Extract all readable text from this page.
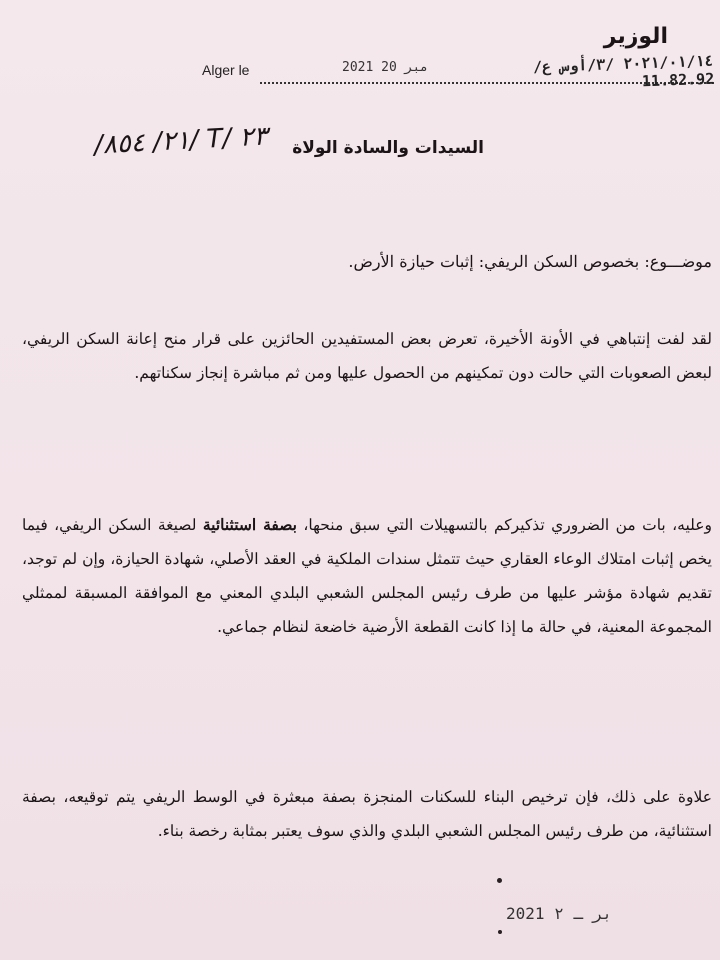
الوزير
Alger le	2021 مبر 20	٢٠٢١/٠١/١٤ /٣/أوس ع/ 11.82.92
/٢١/ ٨٥٤/ T/ ٢٣ السيدات والسادة الولاة
موضـــوع: بخصوص السكن الريفي: إثبات حيازة الأرض.
لقد لفت إنتباهي في الأونة الأخيرة، تعرض بعض المستفيدين الحائزين على قرار منح إعانة السكن الريفي، لبعض الصعوبات التي حالت دون تمكينهم من الحصول عليها ومن ثم مباشرة إنجاز سكناتهم.
وعليه، بات من الضروري تذكيركم بالتسهيلات التي سبق منحها، بصفة استثنائية لصيغة السكن الريفي، فيما يخص إثبات امتلاك الوعاء العقاري حيث تتمثل سندات الملكية في العقد الأصلي، شهادة الحيازة، وإن لم توجد، تقديم شهادة مؤشر عليها من طرف رئيس المجلس الشعبي البلدي المعني مع الموافقة المسبقة لممثلي المجموعة المعنية، في حالة ما إذا كانت القطعة الأرضية خاضعة لنظام جماعي.
علاوة على ذلك، فإن ترخيص البناء للسكنات المنجزة بصفة مبعثرة في الوسط الريفي يتم توقيعه، بصفة استثنائية، من طرف رئيس المجلس الشعبي البلدي والذي سوف يعتبر بمثابة رخصة بناء.
2021 بر ـ ٢
